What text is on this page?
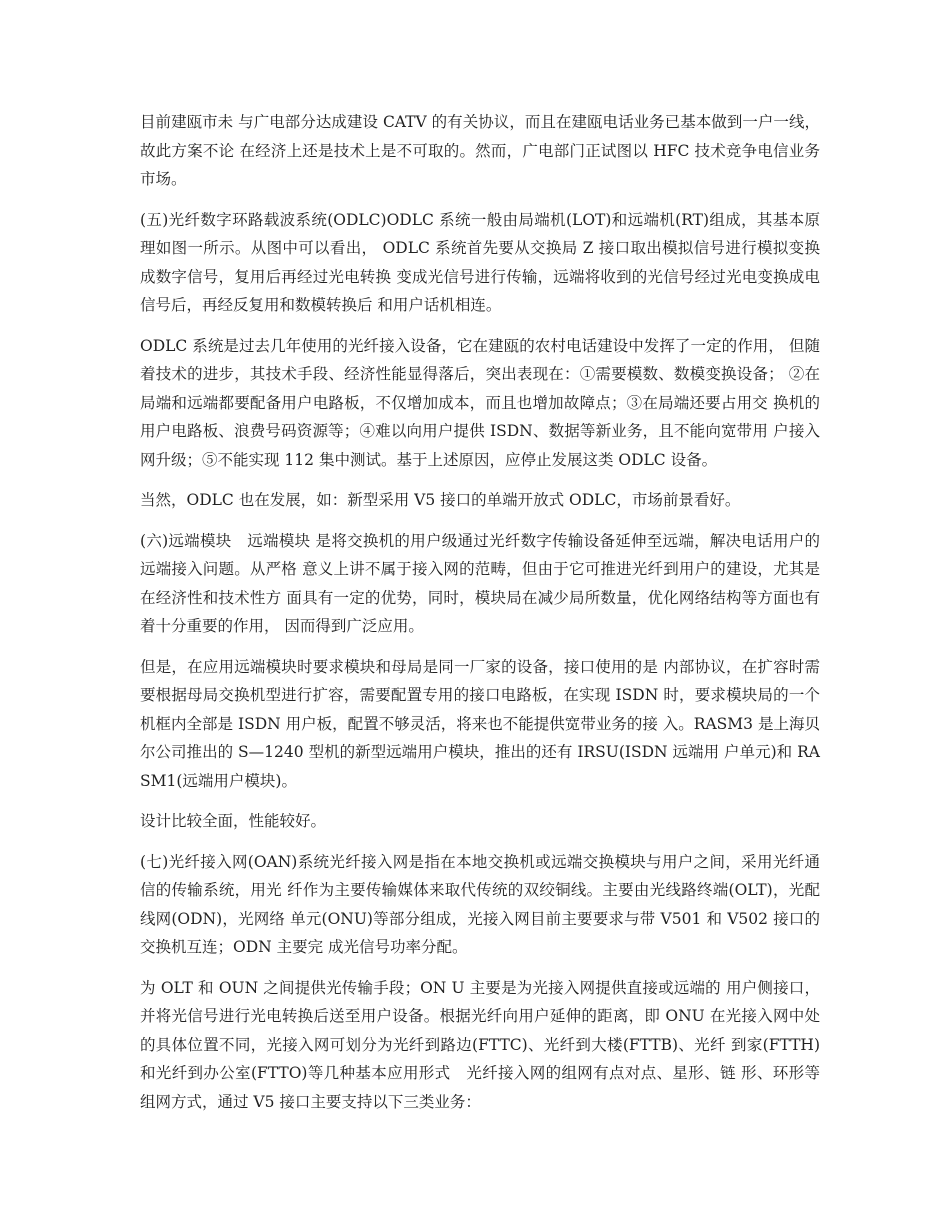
目前建瓯市未 与广电部分达成建设 CATV 的有关协议，而且在建瓯电话业务已基本做到一户一线，故此方案不论 在经济上还是技术上是不可取的。然而，广电部门正试图以 HFC 技术竞争电信业务市场。

(五)光纤数字环路载波系统(ODLC)ODLC 系统一般由局端机(LOT)和远端机(RT)组成，其基本原理如图一所示。从图中可以看出， ODLC 系统首先要从交换局 Z 接口取出模拟信号进行模拟变换成数字信号，复用后再经过光电转换 变成光信号进行传输，远端将收到的光信号经过光电变换成电信号后，再经反复用和数模转换后 和用户话机相连。

ODLC 系统是过去几年使用的光纤接入设备，它在建瓯的农村电话建设中发挥了一定的作用， 但随着技术的进步，其技术手段、经济性能显得落后，突出表现在：①需要模数、数模变换设备； ②在局端和远端都要配备用户电路板，不仅增加成本，而且也增加故障点；③在局端还要占用交 换机的用户电路板、浪费号码资源等；④难以向用户提供 ISDN、数据等新业务，且不能向宽带用 户接入网升级；⑤不能实现 112 集中测试。基于上述原因，应停止发展这类 ODLC 设备。

当然，ODLC 也在发展，如：新型采用 V5 接口的单端开放式 ODLC，市场前景看好。

(六)远端模块　远端模块 是将交换机的用户级通过光纤数字传输设备延伸至远端，解决电话用户的远端接入问题。从严格 意义上讲不属于接入网的范畴，但由于它可推进光纤到用户的建设，尤其是在经济性和技术性方 面具有一定的优势，同时，模块局在减少局所数量，优化网络结构等方面也有着十分重要的作用， 因而得到广泛应用。

但是，在应用远端模块时要求模块和母局是同一厂家的设备，接口使用的是 内部协议，在扩容时需要根据母局交换机型进行扩容，需要配置专用的接口电路板，在实现 ISDN 时，要求模块局的一个机框内全部是 ISDN 用户板，配置不够灵活，将来也不能提供宽带业务的接 入。RASM3 是上海贝尔公司推出的 S—1240 型机的新型远端用户模块，推出的还有 IRSU(ISDN 远端用 户单元)和 RASM1(远端用户模块)。

设计比较全面，性能较好。

(七)光纤接入网(OAN)系统光纤接入网是指在本地交换机或远端交换模块与用户之间，采用光纤通信的传输系统，用光 纤作为主要传输媒体来取代传统的双绞铜线。主要由光线路终端(OLT)，光配线网(ODN)，光网络 单元(ONU)等部分组成，光接入网目前主要要求与带 V501 和 V502 接口的交换机互连；ODN 主要完 成光信号功率分配。

为 OLT 和 OUN 之间提供光传输手段；ON U 主要是为光接入网提供直接或远端的 用户侧接口，并将光信号进行光电转换后送至用户设备。根据光纤向用户延伸的距离，即 ONU 在光接入网中处的具体位置不同，光接入网可划分为光纤到路边(FTTC)、光纤到大楼(FTTB)、光纤 到家(FTTH)和光纤到办公室(FTTO)等几种基本应用形式　光纤接入网的组网有点对点、星形、链 形、环形等组网方式，通过 V5 接口主要支持以下三类业务：
